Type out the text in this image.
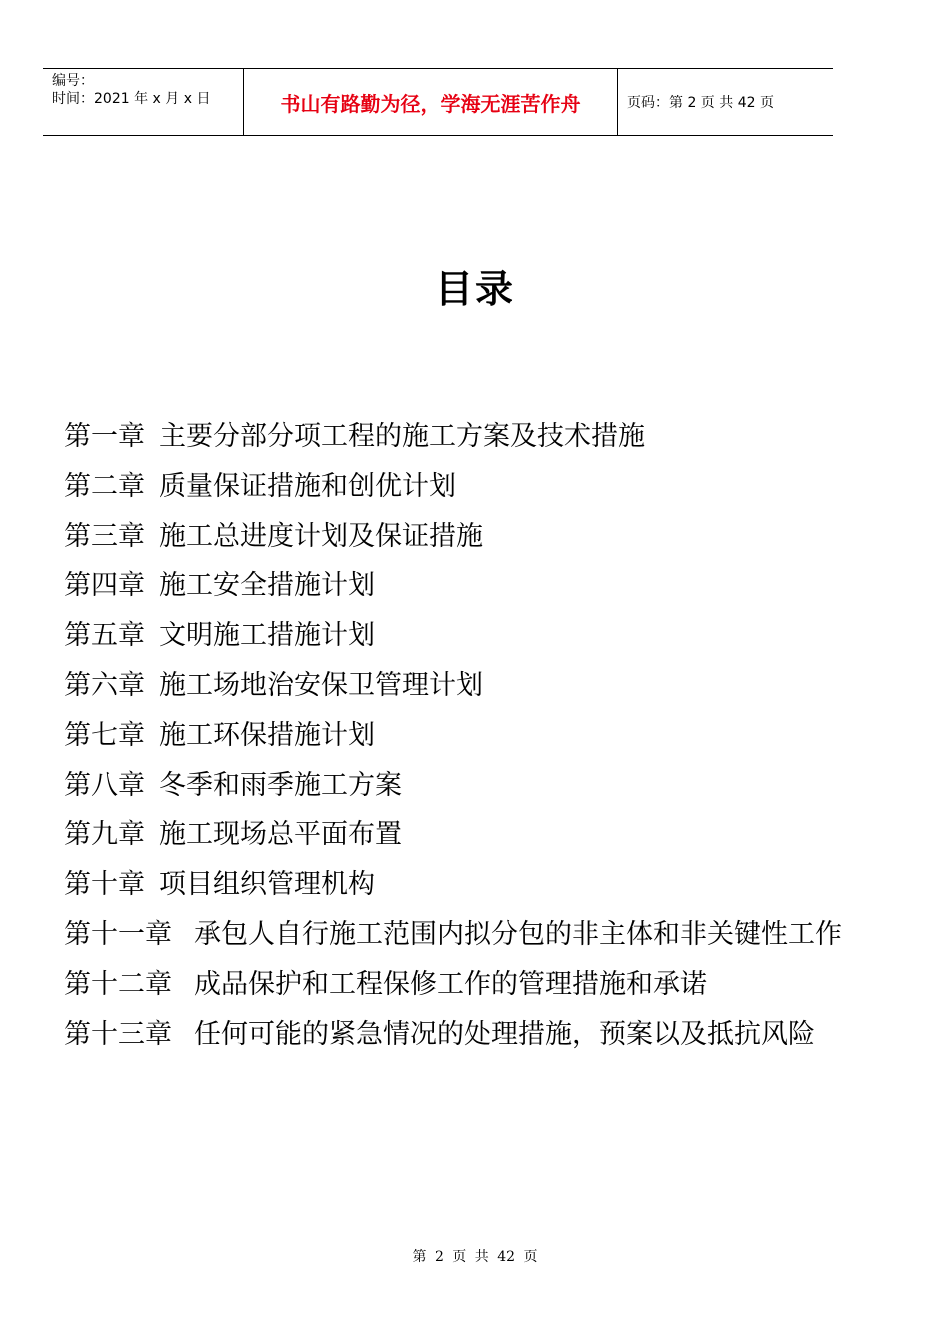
编号：
时间：2021 年 x 月 x 日	书山有路勤为径，学海无涯苦作舟	页码：第 2 页 共 42 页
目录
第一章 主要分部分项工程的施工方案及技术措施
第二章 质量保证措施和创优计划
第三章 施工总进度计划及保证措施
第四章 施工安全措施计划
第五章 文明施工措施计划
第六章 施工场地治安保卫管理计划
第七章 施工环保措施计划
第八章 冬季和雨季施工方案
第九章 施工现场总平面布置
第十章 项目组织管理机构
第十一章 承包人自行施工范围内拟分包的非主体和非关键性工作
第十二章 成品保护和工程保修工作的管理措施和承诺
第十三章 任何可能的紧急情况的处理措施，预案以及抵抗风险
第 2 页 共 42 页
